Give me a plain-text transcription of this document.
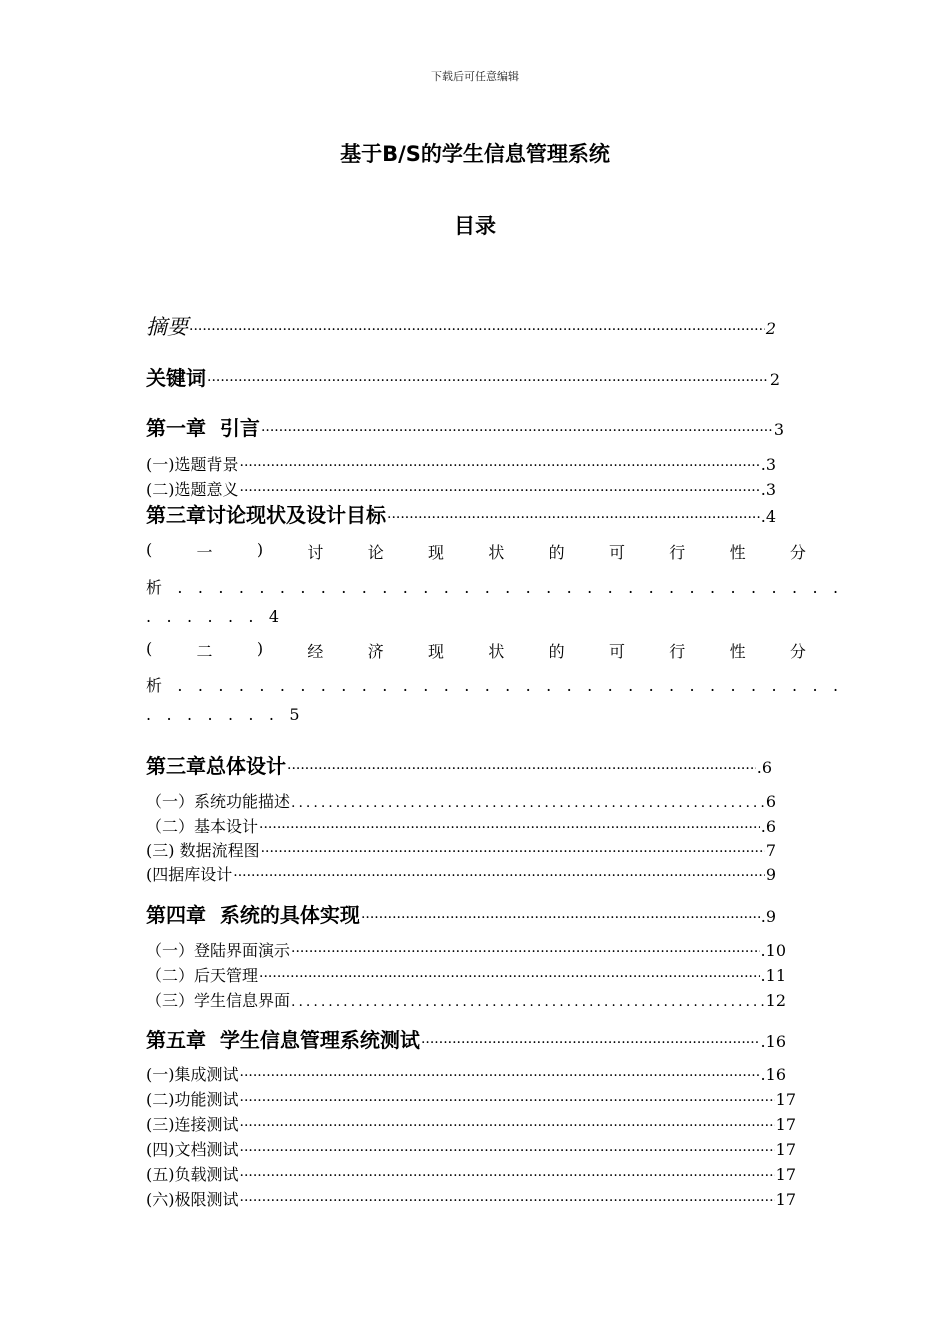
下载后可任意编辑
基于B/S的学生信息管理系统
目录
摘要 ·····	2
关键词 ·····	2
第一章  引言 ·····	3
(一)选题背景 ·····	.3
(二)选题意义 ·····	.3
第三章讨论现状及设计目标 ·····	.4
(	一	)	讨	论	现	状	的	可	行	性	分
析.................................
......4
(	二	)	经	济	现	状	的	可	行	性	分
析.................................
.......5
第三章总体设计 ·····	.6
（一）系统功能描述 .....	6
（二）基本设计 ·····	.6
(三) 数据流程图 ·····	7
(四据库设计 ·····	9
第四章  系统的具体实现 ·····	.9
（一）登陆界面演示 ·····	.10
（二）后天管理 ·····	.11
（三）学生信息界面 .....	12
第五章  学生信息管理系统测试 ·····	.16
(一)集成测试 ·····	.16
(二)功能测试 ·····	17
(三)连接测试 ·····	17
(四)文档测试 ·····	17
(五)负载测试 ·····	17
(六)极限测试 ·····	17
